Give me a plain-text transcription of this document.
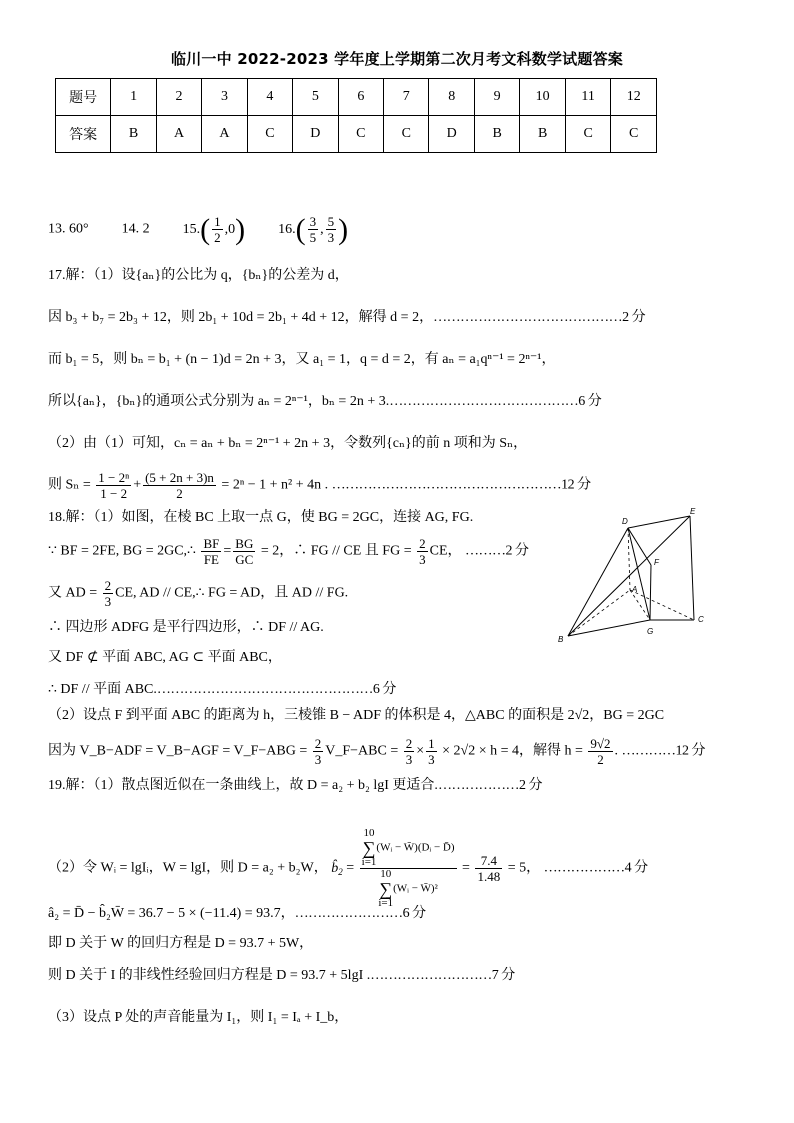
临川一中 2022-2023 学年度上学期第二次月考文科数学试题答案
题号	1	2	3	4	5	6	7	8	9	10	11	12
答案	B	A	A	C	D	C	C	D	B	B	C	C
13. 60° 14. 2 $15.( \frac{1}{2} ,0)$ $16.( \frac{3}{5}$ , $\frac{5}{3}$ )
17.解：（1）设{aₙ}的公比为 q，{bₙ}的公差为 d，
因 b₃ + b₇ = 2b₃ + 12，则 2b₁ + 10d = 2b₁ + 4d + 12，解得 d = 2，……………………………………2 分
而 b₁ = 5，则 bₙ = b₁ + (n − 1)d = 2n + 3，又 a₁ = 1，q = d = 2，有 aₙ = a₁qⁿ⁻¹ = 2ⁿ⁻¹，
所以{aₙ}，{bₙ}的通项公式分别为 aₙ = 2ⁿ⁻¹，bₙ = 2n + 3.……………………………………6 分
（2）由（1）可知，cₙ = aₙ + bₙ = 2ⁿ⁻¹ + 2n + 3，令数列{cₙ}的前 n 项和为 Sₙ，
则 $S_n = \frac{\text{1 − 2ⁿ}}{1 - 2} + \frac{(5 + 2n + 3)n}{2} = 2^n - 1 + n^2 + 4n$ . ……………………………………………12 分
18.解：（1）如图，在棱 BC 上取一点 G，使 BG = 2GC，连接 AG, FG.
∵ BF = 2FE, BG = 2GC,∴ $\frac{BF}{FE} = \frac{BG}{GC} = 2$，∴ FG // CE 且 FG = $\frac{2}{3}$ CE， ………2 分
又 AD = $\frac{2}{3}$ CE, AD // CE,∴ FG = AD，且 AD // FG.
∴ 四边形 ADFG 是平行四边形，∴ DF // AG.
又 DF ⊄ 平面 ABC, AG ⊂ 平面 ABC，
∴ DF // 平面 ABC.…………………………………………6 分
（2）设点 F 到平面 ABC 的距离为 h，三棱锥 B − ADF 的体积是 4，△ABC 的面积是 2√2，BG = 2GC
因为 V_B−ADF = V_B−AGF = V_F−ABG = $\frac{2}{3}$ V_F−ABC = $\frac{2}{3} \times \frac{1}{3} \times 2√2 \times h = 4$，解得 $h = \frac{9√2}{2}$ . …………12 分
D
E
F
A
B
G
C
19.解：（1）散点图近似在一条曲线上，故 D = a₂ + b₂ lgI 更适合.………………2 分
（2）令 Wᵢ = lgIᵢ，W = lgI，则 D = a₂ + b₂W， $b̂_2 = 10$
∑
i=1(Wᵢ − W̄)(Dᵢ − D̄)
10
∑
i=1(Wᵢ − W̄)² = $\frac{7.4}{1.48} = 5$， ………………4 分
â₂ = D̄ − b̂₂W̄ = 36.7 − 5 × (−11.4) = 93.7，……………………6 分
即 D 关于 W 的回归方程是 D = 93.7 + 5W，
则 D 关于 I 的非线性经验回归方程是 D = 93.7 + 5lgI .………………………7 分
（3）设点 P 处的声音能量为 I₁，则 I₁ = Iₐ + I_b，
